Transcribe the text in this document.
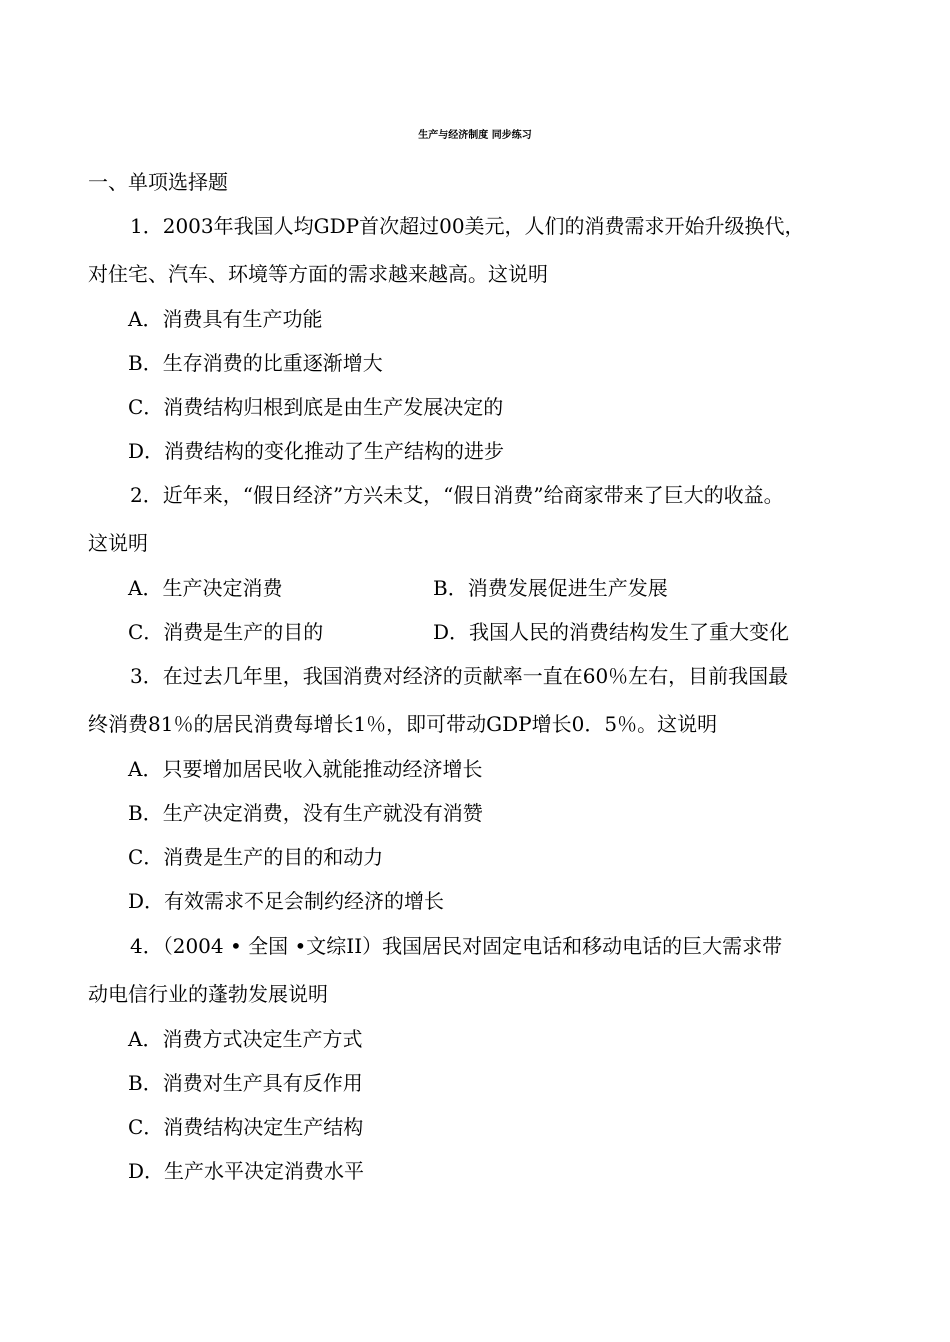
生产与经济制度 同步练习
一、单项选择题
1．2003年我国人均GDP首次超过00美元，人们的消费需求开始升级换代，
对住宅、汽车、环境等方面的需求越来越高。这说明
A．消费具有生产功能
B．生存消费的比重逐渐增大
C．消费结构归根到底是由生产发展决定的
D．消费结构的变化推动了生产结构的进步
2．近年来，“假日经济”方兴未艾，“假日消费”给商家带来了巨大的收益。
这说明
A．生产决定消费	B．消费发展促进生产发展
C．消费是生产的目的	D．我国人民的消费结构发生了重大变化
3．在过去几年里，我国消费对经济的贡献率一直在60％左右，目前我国最
终消费81％的居民消费每增长1％，即可带动GDP增长0．5％。这说明
A．只要增加居民收入就能推动经济增长
B．生产决定消费，没有生产就没有消赞
C．消费是生产的目的和动力
D．有效需求不足会制约经济的增长
4．（2004 • 全国 •文综II）我国居民对固定电话和移动电话的巨大需求带
动电信行业的蓬勃发展说明
A．消费方式决定生产方式
B．消费对生产具有反作用
C．消费结构决定生产结构
D．生产水平决定消费水平
